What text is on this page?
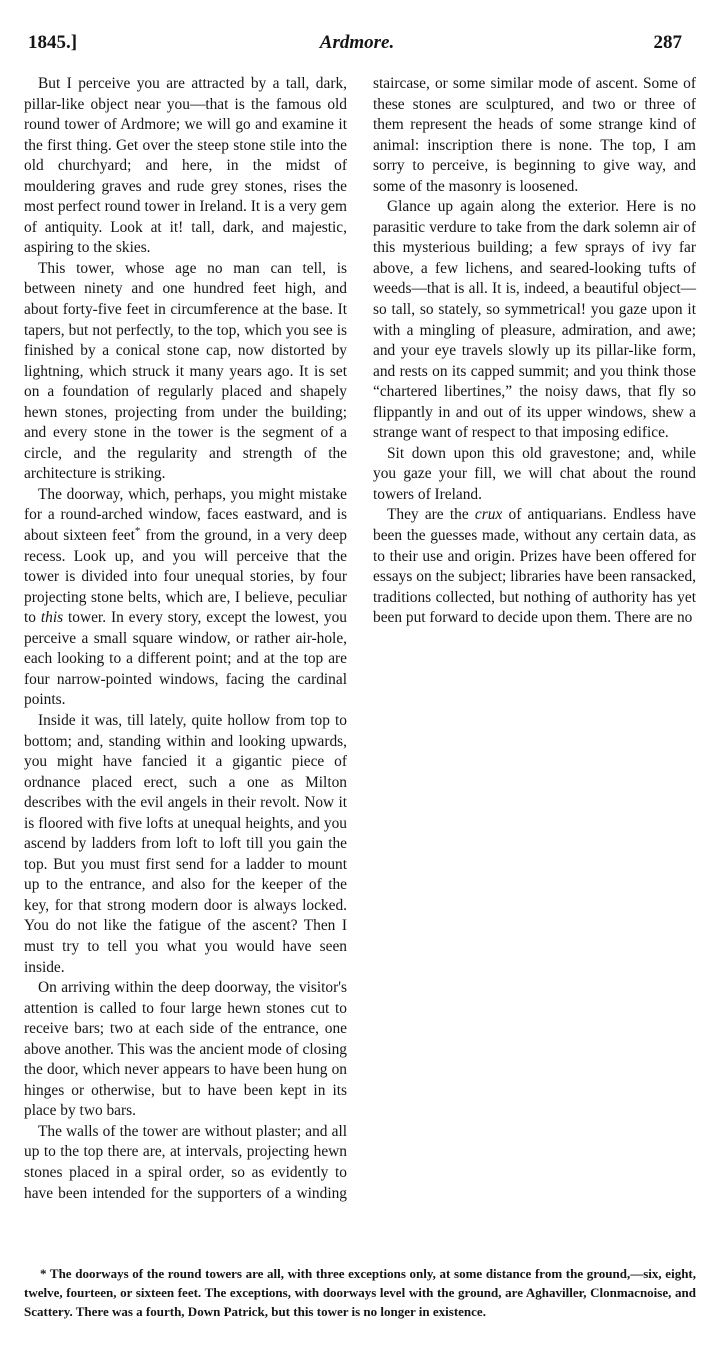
1845.]	Ardmore.	287

But I perceive you are attracted by a tall, dark, pillar-like object near you—that is the famous old round tower of Ardmore; we will go and examine it the first thing. Get over the steep stone stile into the old churchyard; and here, in the midst of mouldering graves and rude grey stones, rises the most perfect round tower in Ireland. It is a very gem of antiquity. Look at it! tall, dark, and majestic, aspiring to the skies.

This tower, whose age no man can tell, is between ninety and one hundred feet high, and about forty-five feet in circumference at the base. It tapers, but not perfectly, to the top, which you see is finished by a conical stone cap, now distorted by lightning, which struck it many years ago. It is set on a foundation of regularly placed and shapely hewn stones, projecting from under the building; and every stone in the tower is the segment of a circle, and the regularity and strength of the architecture is striking.

The doorway, which, perhaps, you might mistake for a round-arched window, faces eastward, and is about sixteen feet* from the ground, in a very deep recess. Look up, and you will perceive that the tower is divided into four unequal stories, by four projecting stone belts, which are, I believe, peculiar to this tower. In every story, except the lowest, you perceive a small square window, or rather air-hole, each looking to a different point; and at the top are four narrow-pointed windows, facing the cardinal points.

Inside it was, till lately, quite hollow from top to bottom; and, standing within and looking upwards, you might have fancied it a gigantic piece of ordnance placed erect, such a one as Milton describes with the evil angels in their revolt. Now it is floored with five lofts at unequal heights, and you ascend by ladders from loft to loft till you gain the top. But you must first send for a ladder to mount up to the entrance, and also for the keeper of the key, for that strong modern door is always locked. You do not like the fatigue of the ascent? Then I must try to tell you what you would have seen inside.

On arriving within the deep doorway, the visitor's attention is called to four large hewn stones cut to receive bars; two at each side of the entrance, one above another. This was the ancient mode of closing the door, which never appears to have been hung on hinges or otherwise, but to have been kept in its place by two bars.

The walls of the tower are without plaster; and all up to the top there are, at intervals, projecting hewn stones placed in a spiral order, so as evidently to have been intended for the supporters of a winding staircase, or some similar mode of ascent. Some of these stones are sculptured, and two or three of them represent the heads of some strange kind of animal: inscription there is none. The top, I am sorry to perceive, is beginning to give way, and some of the masonry is loosened.

Glance up again along the exterior. Here is no parasitic verdure to take from the dark solemn air of this mysterious building; a few sprays of ivy far above, a few lichens, and seared-looking tufts of weeds—that is all. It is, indeed, a beautiful object—so tall, so stately, so symmetrical! you gaze upon it with a mingling of pleasure, admiration, and awe; and your eye travels slowly up its pillar-like form, and rests on its capped summit; and you think those “chartered libertines,” the noisy daws, that fly so flippantly in and out of its upper windows, shew a strange want of respect to that imposing edifice.

Sit down upon this old gravestone; and, while you gaze your fill, we will chat about the round towers of Ireland.

They are the crux of antiquarians. Endless have been the guesses made, without any certain data, as to their use and origin. Prizes have been offered for essays on the subject; libraries have been ransacked, traditions collected, but nothing of authority has yet been put forward to decide upon them. There are no

* The doorways of the round towers are all, with three exceptions only, at some distance from the ground,—six, eight, twelve, fourteen, or sixteen feet. The exceptions, with doorways level with the ground, are Aghaviller, Clonmacnoise, and Scattery. There was a fourth, Down Patrick, but this tower is no longer in existence.
